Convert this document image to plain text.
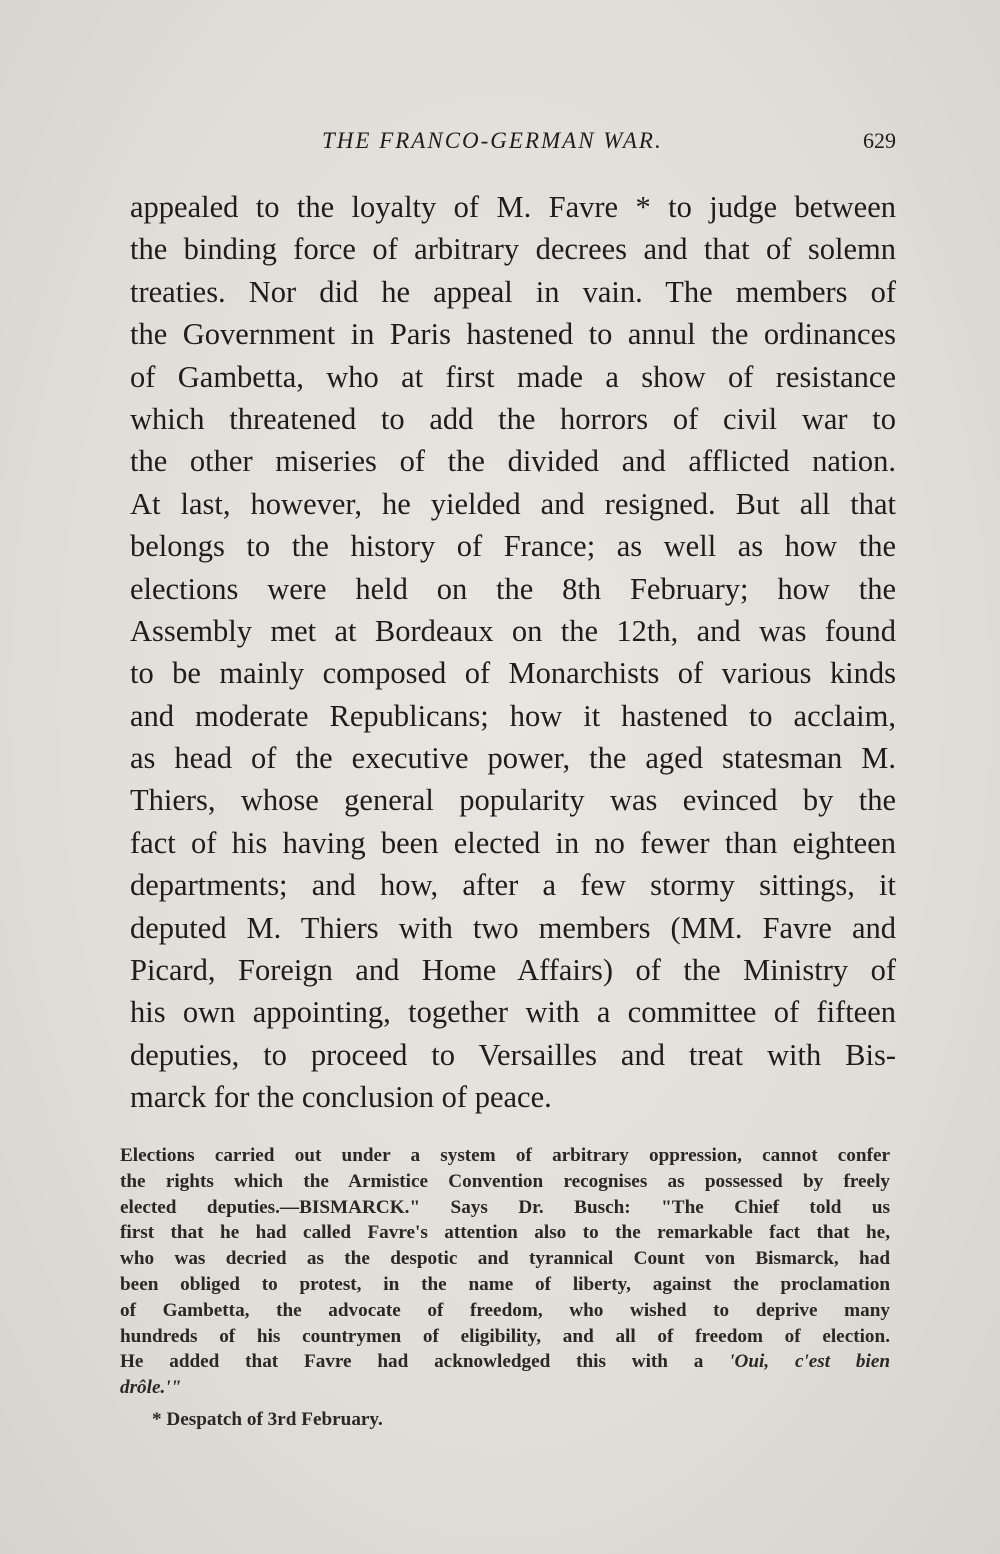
THE FRANCO-GERMAN WAR.	629
appealed to the loyalty of M. Favre * to judge between
the binding force of arbitrary decrees and that of solemn
treaties. Nor did he appeal in vain. The members of
the Government in Paris hastened to annul the ordinances
of Gambetta, who at first made a show of resistance
which threatened to add the horrors of civil war to
the other miseries of the divided and afflicted nation.
At last, however, he yielded and resigned. But all that
belongs to the history of France; as well as how the
elections were held on the 8th February; how the
Assembly met at Bordeaux on the 12th, and was found
to be mainly composed of Monarchists of various kinds
and moderate Republicans; how it hastened to acclaim,
as head of the executive power, the aged statesman M.
Thiers, whose general popularity was evinced by the
fact of his having been elected in no fewer than eighteen
departments; and how, after a few stormy sittings, it
deputed M. Thiers with two members (MM. Favre and
Picard, Foreign and Home Affairs) of the Ministry of
his own appointing, together with a committee of fifteen
deputies, to proceed to Versailles and treat with Bis-
marck for the conclusion of peace.
Elections carried out under a system of arbitrary oppression, cannot confer
the rights which the Armistice Convention recognises as possessed by freely
elected deputies.—BISMARCK." Says Dr. Busch: "The Chief told us
first that he had called Favre's attention also to the remarkable fact that he,
who was decried as the despotic and tyrannical Count von Bismarck, had
been obliged to protest, in the name of liberty, against the proclamation
of Gambetta, the advocate of freedom, who wished to deprive many
hundreds of his countrymen of eligibility, and all of freedom of election.
He added that Favre had acknowledged this with a 'Oui, c'est bien
drôle.'"
* Despatch of 3rd February.
